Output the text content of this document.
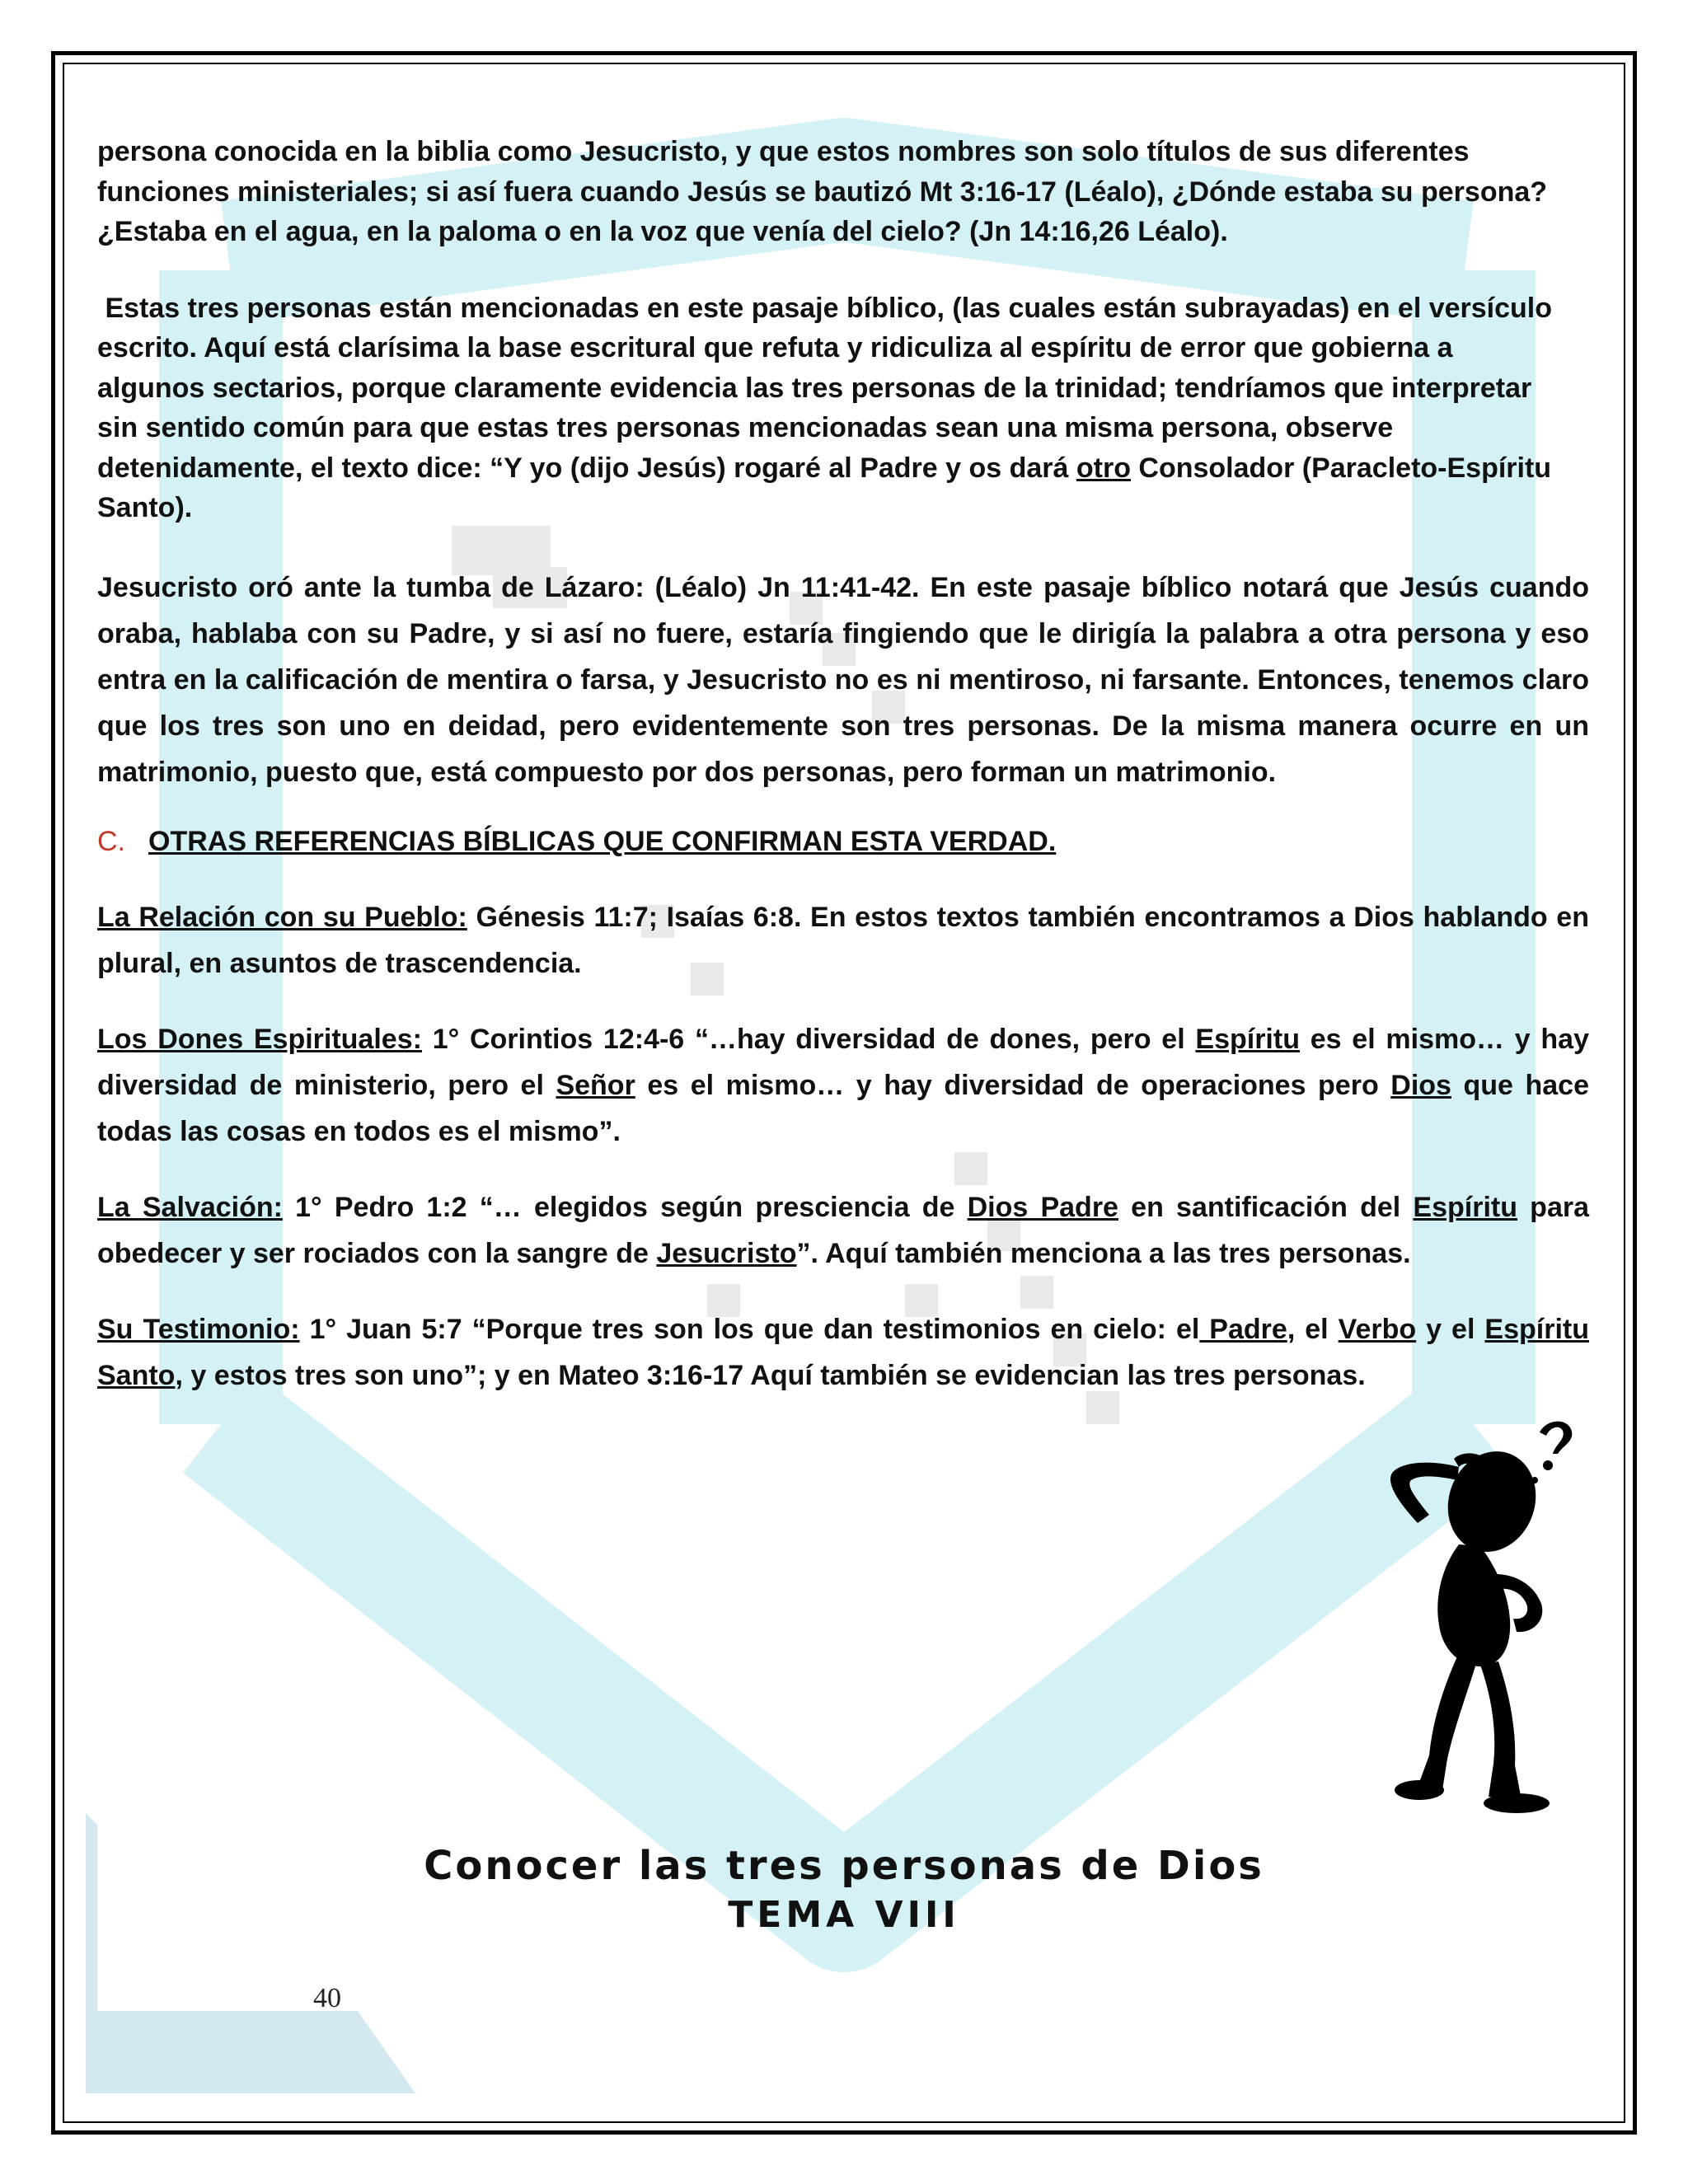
persona conocida en la biblia como Jesucristo, y que estos nombres son solo títulos de sus diferentes

funciones ministeriales; si así fuera cuando Jesús se bautizó Mt 3:16-17 (Léalo), ¿Dónde estaba su persona?

¿Estaba en el agua, en la paloma o en la voz que venía del cielo? (Jn 14:16,26 Léalo).

Estas tres personas están mencionadas en este pasaje bíblico, (las cuales están subrayadas) en el versículo

escrito. Aquí está clarísima la base escritural que refuta y ridiculiza al espíritu de error que gobierna a

algunos sectarios, porque claramente evidencia las tres personas de la trinidad; tendríamos que interpretar

sin sentido común para que estas tres personas mencionadas sean una misma persona, observe

detenidamente, el texto dice: “Y yo (dijo Jesús) rogaré al Padre y os dará otro Consolador (Paracleto-Espíritu

Santo).

Jesucristo oró ante la tumba de Lázaro: (Léalo) Jn 11:41-42. En este pasaje bíblico notará que Jesús cuando oraba, hablaba con su Padre, y si así no fuere, estaría fingiendo que le dirigía la palabra a otra persona y eso entra en la calificación de mentira o farsa, y Jesucristo no es ni mentiroso, ni farsante. Entonces, tenemos claro que los tres son uno en deidad, pero evidentemente son tres personas. De la misma manera ocurre en un matrimonio, puesto que, está compuesto por dos personas, pero forman un matrimonio.

C. OTRAS REFERENCIAS BÍBLICAS QUE CONFIRMAN ESTA VERDAD.

La Relación con su Pueblo: Génesis 11:7; Isaías 6:8. En estos textos también encontramos a Dios hablando en plural, en asuntos de trascendencia.

Los Dones Espirituales: 1° Corintios 12:4-6 “…hay diversidad de dones, pero el Espíritu es el mismo… y hay diversidad de ministerio, pero el Señor es el mismo… y hay diversidad de operaciones pero Dios que hace todas las cosas en todos es el mismo”.

La Salvación: 1° Pedro 1:2 “… elegidos según presciencia de Dios Padre en santificación del Espíritu para obedecer y ser rociados con la sangre de Jesucristo”. Aquí también menciona a las tres personas.

Su Testimonio: 1° Juan 5:7 “Porque tres son los que dan testimonios en cielo: el Padre, el Verbo y el Espíritu Santo, y estos tres son uno”; y en Mateo 3:16-17 Aquí también se evidencian las tres personas.

Conocer las tres personas de Dios
TEMA VIII
40
